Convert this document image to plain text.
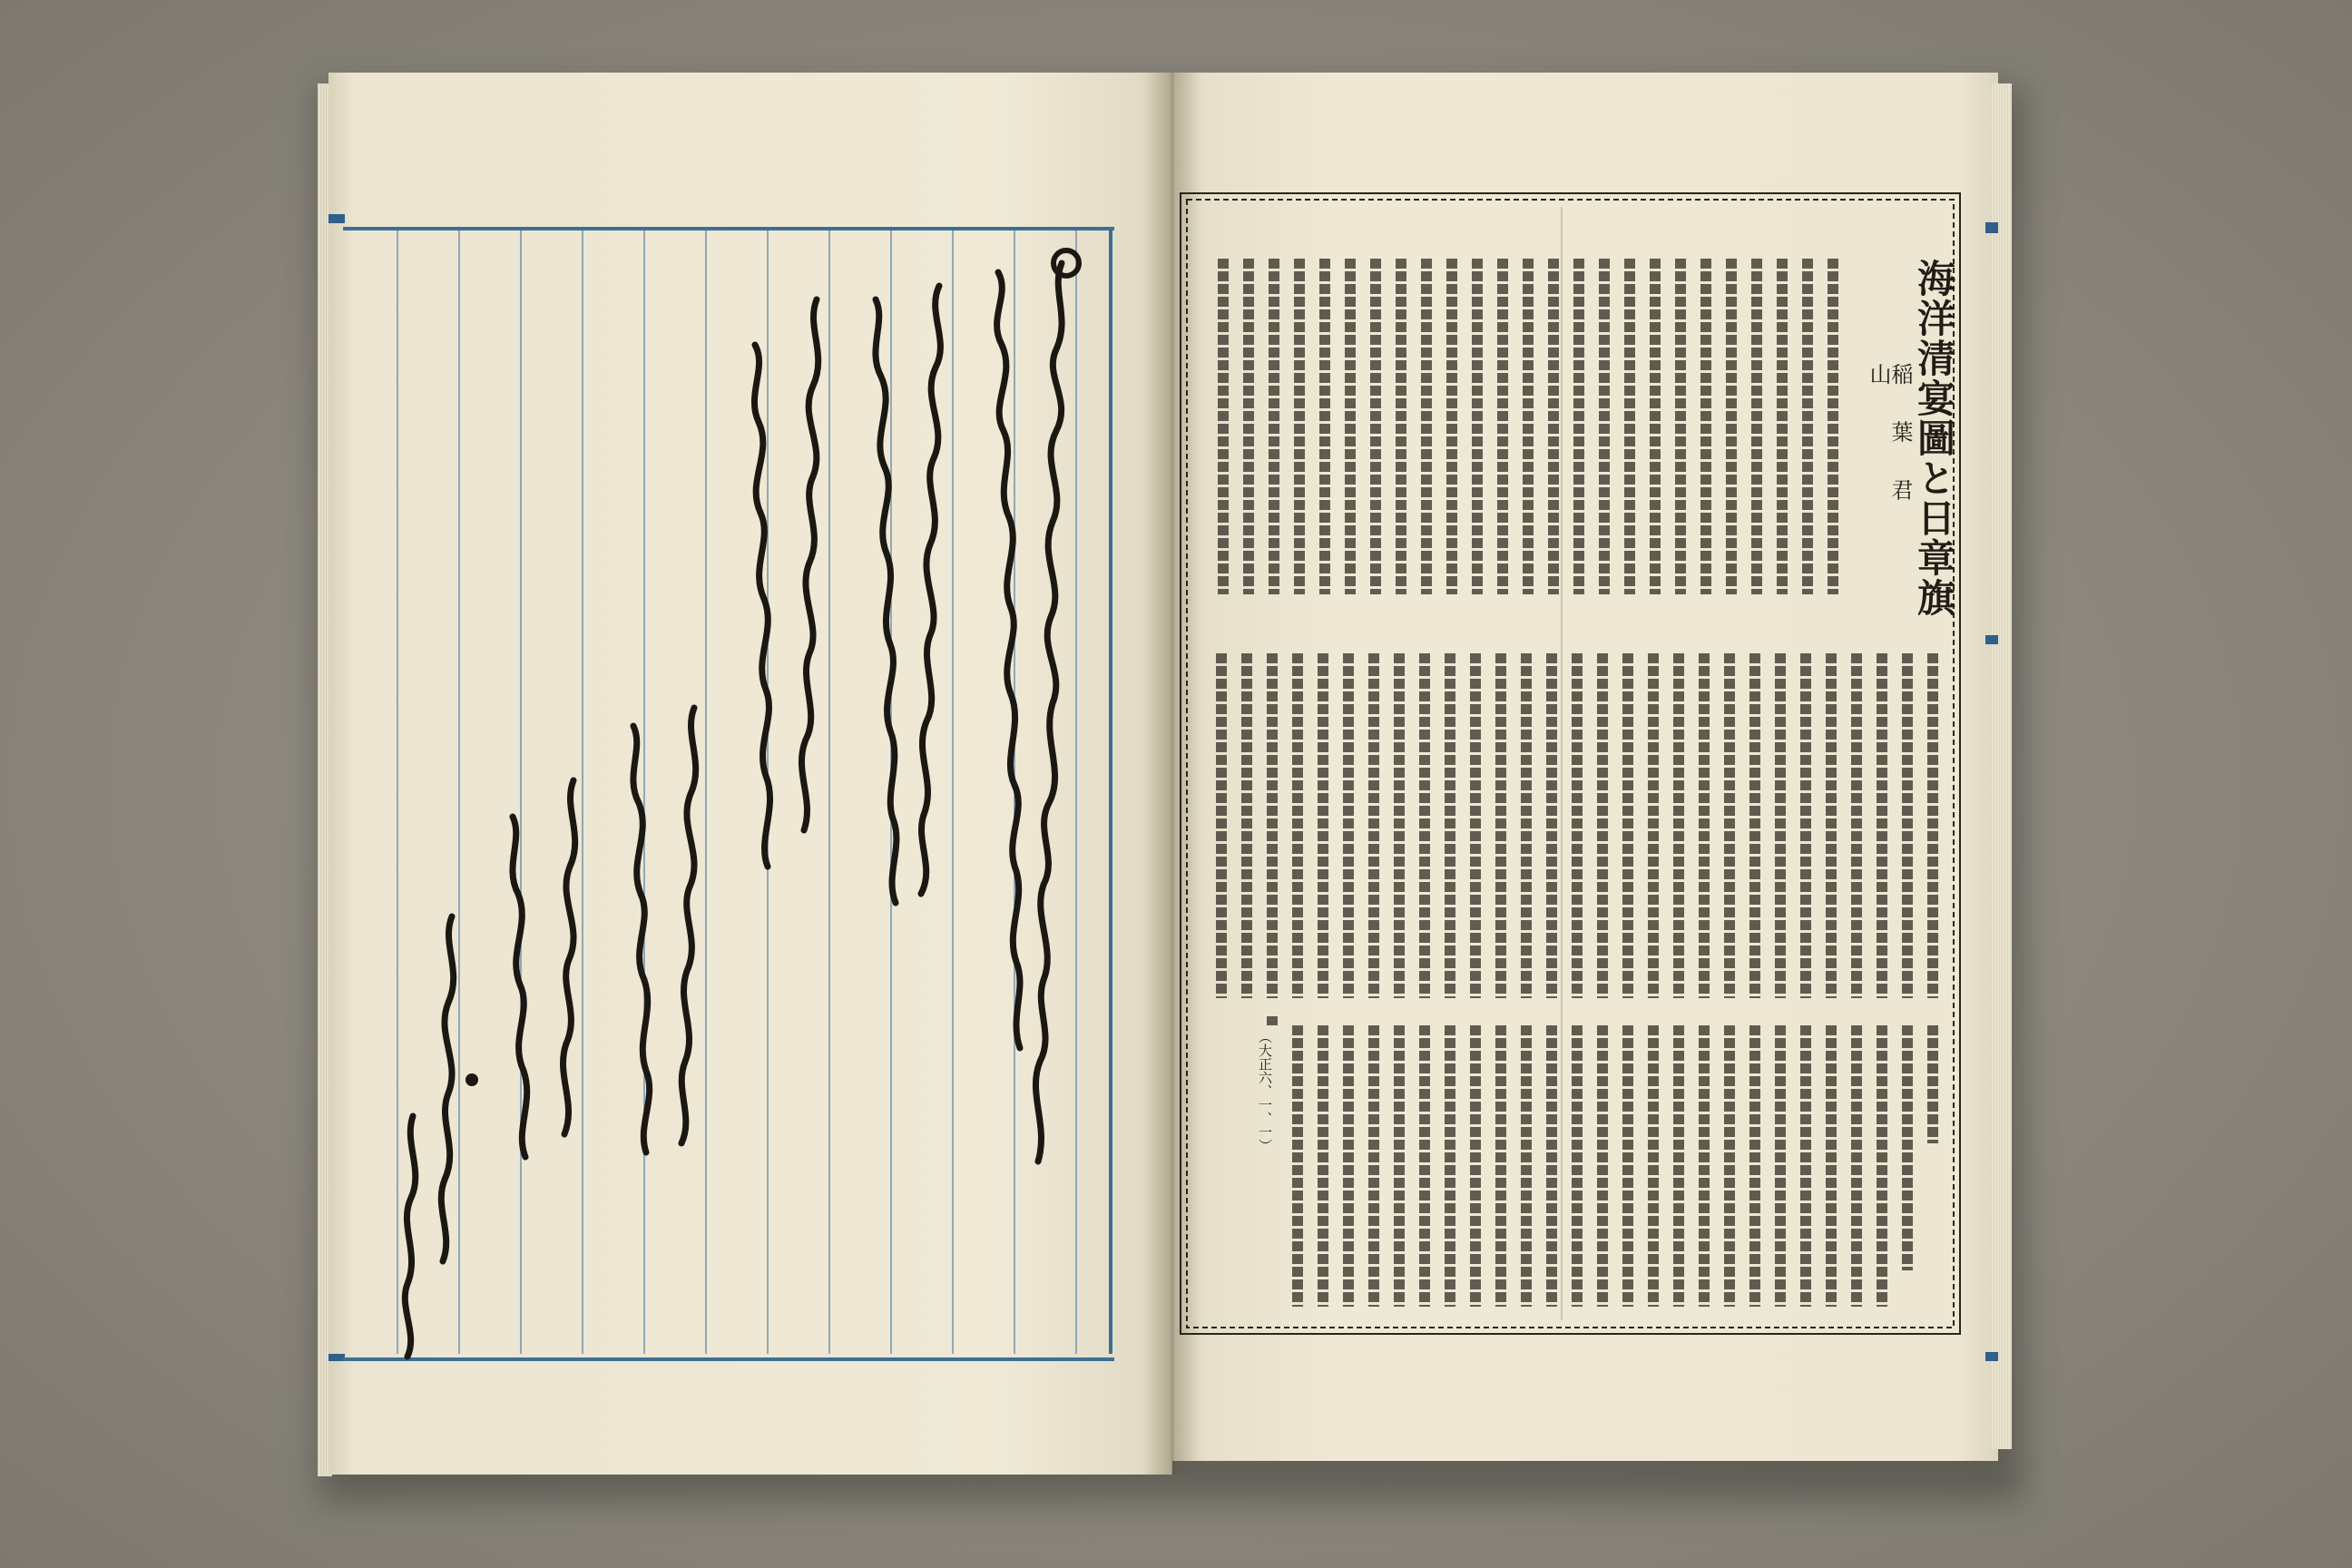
海洋清宴圖と日章旗
稲 葉 君 山
（大正六、一、一）
